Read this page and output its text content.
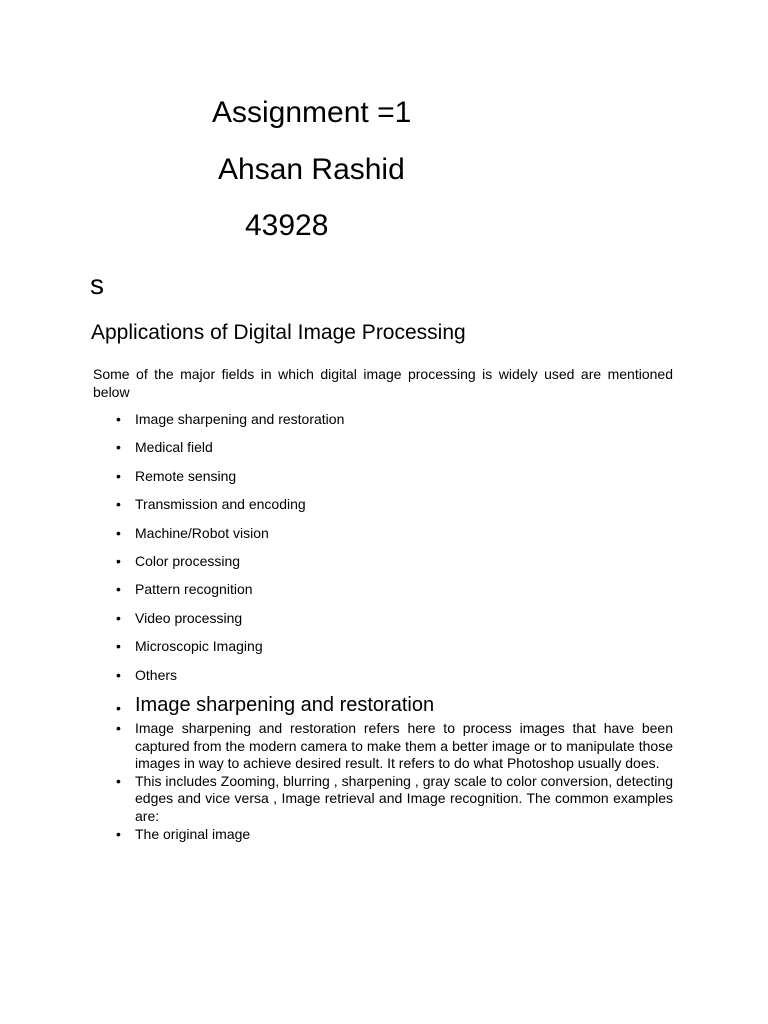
Assignment =1
Ahsan Rashid
43928
s
Applications of Digital Image Processing

Some of the major fields in which digital image processing is widely used are mentioned below

• Image sharpening and restoration
• Medical field
• Remote sensing
• Transmission and encoding
• Machine/Robot vision
• Color processing
• Pattern recognition
• Video processing
• Microscopic Imaging
• Others
• Image sharpening and restoration
• Image sharpening and restoration refers here to process images that have been captured from the modern camera to make them a better image or to manipulate those images in way to achieve desired result. It refers to do what Photoshop usually does.
• This includes Zooming, blurring , sharpening , gray scale to color conversion, detecting edges and vice versa , Image retrieval and Image recognition. The common examples are:
• The original image
